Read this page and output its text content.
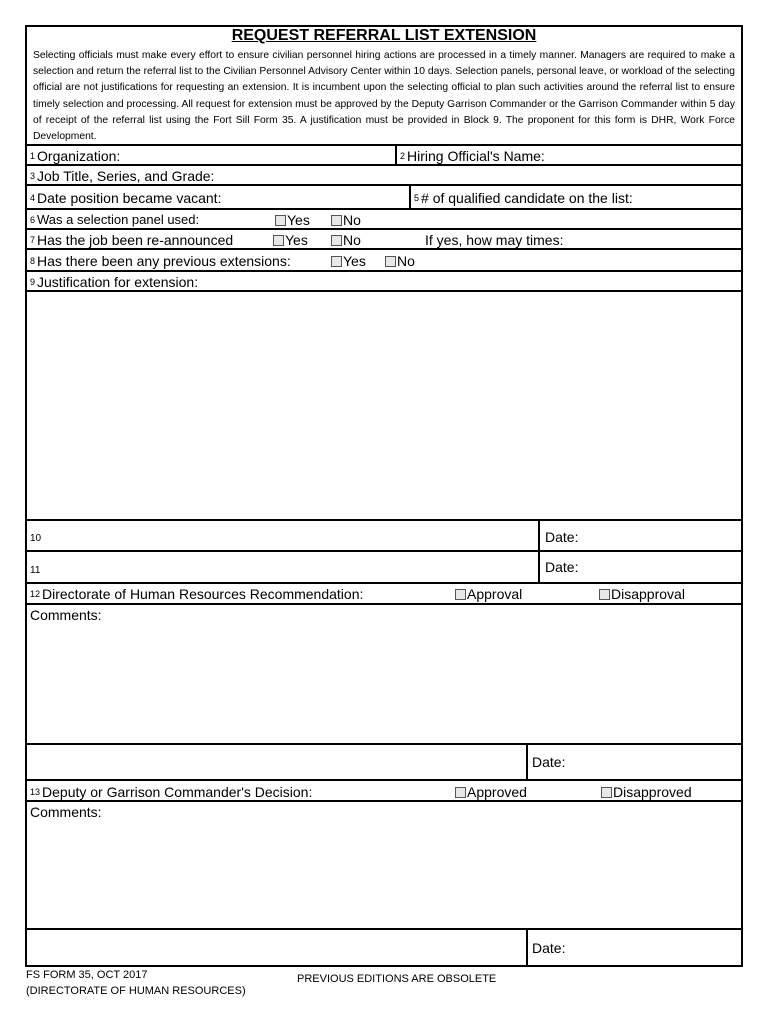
REQUEST REFERRAL LIST EXTENSION
Selecting officials must make every effort to ensure civilian personnel hiring actions are processed in a timely manner. Managers are required to make a selection and return the referral list to the Civilian Personnel Advisory Center within 10 days. Selection panels, personal leave, or workload of the selecting official are not justifications for requesting an extension. It is incumbent upon the selecting official to plan such activities around the referral list to ensure timely selection and processing. All request for extension must be approved by the Deputy Garrison Commander or the Garrison Commander within 5 day of receipt of the referral list using the Fort Sill Form 35. A justification must be provided in Block 9. The proponent for this form is DHR, Work Force Development.
$^1$ Organization:	$^2$ Hiring Official's Name:
$^3$ Job Title, Series, and Grade:
$^4$ Date position became vacant:	$^5$ # of qualified candidate on the list:
$^6$ Was a selection panel used:	Yes	No
$^7$ Has the job been re-announced	Yes	No	If yes, how may times:
$^8$ Has there been any previous extensions:	Yes	No
$^9$ Justification for extension:
10	Date:
11	Date:
$^{12}$ Directorate of Human Resources Recommendation:	Approval	Disapproval
Comments:
Date:
$^{13}$ Deputy or Garrison Commander's Decision:	Approved	Disapproved
Comments:
Date:
FS FORM 35, OCT 2017
(DIRECTORATE OF HUMAN RESOURCES)
PREVIOUS EDITIONS ARE OBSOLETE
